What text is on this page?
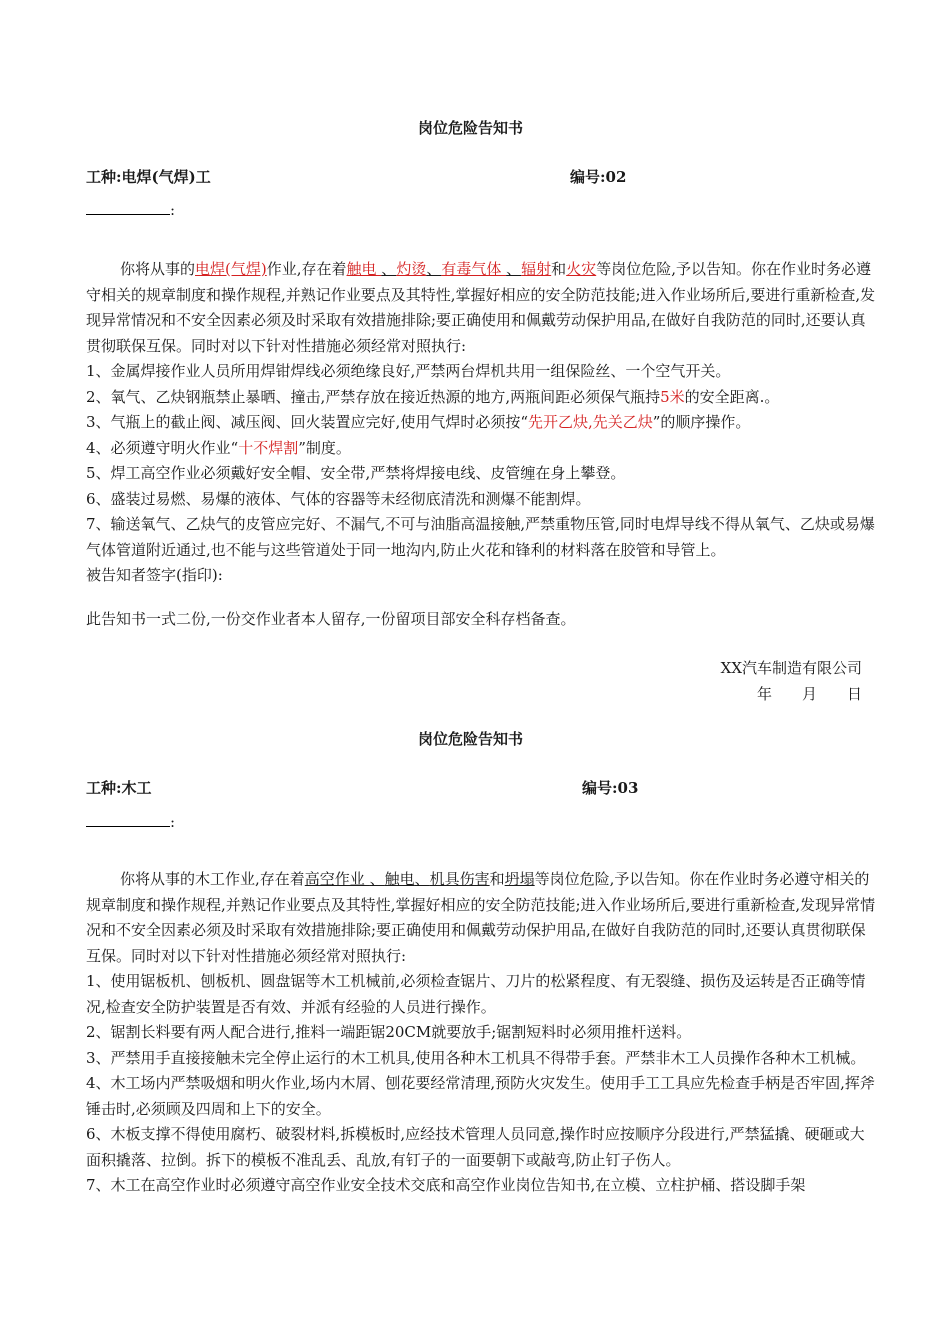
岗位危险告知书
工种:电焊(气焊)工	编号:02
:

你将从事的电焊(气焊)作业,存在着触电 、灼烫、有毒气体 、辐射和火灾等岗位危险,予以告知。你在作业时务必遵守相关的规章制度和操作规程,并熟记作业要点及其特性,掌握好相应的安全防范技能;进入作业场所后,要进行重新检查,发现异常情况和不安全因素必须及时采取有效措施排除;要正确使用和佩戴劳动保护用品,在做好自我防范的同时,还要认真贯彻联保互保。同时对以下针对性措施必须经常对照执行:

1、金属焊接作业人员所用焊钳焊线必须绝缘良好,严禁两台焊机共用一组保险丝、一个空气开关。

2、氧气、乙炔钢瓶禁止暴晒、撞击,严禁存放在接近热源的地方,两瓶间距必须保气瓶持5米的安全距离.。

3、气瓶上的截止阀、减压阀、回火装置应完好,使用气焊时必须按“先开乙炔,先关乙炔”的顺序操作。

4、必须遵守明火作业“十不焊割”制度。

5、焊工高空作业必须戴好安全帽、安全带,严禁将焊接电线、皮管缠在身上攀登。

6、盛装过易燃、易爆的液体、气体的容器等未经彻底清洗和测爆不能割焊。

7、输送氧气、乙炔气的皮管应完好、不漏气,不可与油脂高温接触,严禁重物压管,同时电焊导线不得从氧气、乙炔或易爆气体管道附近通过,也不能与这些管道处于同一地沟内,防止火花和锋利的材料落在胶管和导管上。

被告知者签字(指印):

此告知书一式二份,一份交作业者本人留存,一份留项目部安全科存档备查。
XX汽车制造有限公司
年　　月　　日
岗位危险告知书
工种:木工	编号:03
:

你将从事的木工作业,存在着高空作业 、触电、机具伤害和坍塌等岗位危险,予以告知。你在作业时务必遵守相关的规章制度和操作规程,并熟记作业要点及其特性,掌握好相应的安全防范技能;进入作业场所后,要进行重新检查,发现异常情况和不安全因素必须及时采取有效措施排除;要正确使用和佩戴劳动保护用品,在做好自我防范的同时,还要认真贯彻联保互保。同时对以下针对性措施必须经常对照执行:

1、使用锯板机、刨板机、圆盘锯等木工机械前,必须检查锯片、刀片的松紧程度、有无裂缝、损伤及运转是否正确等情况,检查安全防护装置是否有效、并派有经验的人员进行操作。

2、锯割长料要有两人配合进行,推料一端距锯20CM就要放手;锯割短料时必须用推杆送料。

3、严禁用手直接接触未完全停止运行的木工机具,使用各种木工机具不得带手套。严禁非木工人员操作各种木工机械。

4、木工场内严禁吸烟和明火作业,场内木屑、刨花要经常清理,预防火灾发生。使用手工工具应先检查手柄是否牢固,挥斧锤击时,必须顾及四周和上下的安全。

6、木板支撑不得使用腐朽、破裂材料,拆模板时,应经技术管理人员同意,操作时应按顺序分段进行,严禁猛撬、硬砸或大面积撬落、拉倒。拆下的模板不准乱丢、乱放,有钉子的一面要朝下或敲弯,防止钉子伤人。

7、木工在高空作业时必须遵守高空作业安全技术交底和高空作业岗位告知书,在立模、立柱护桶、搭设脚手架
